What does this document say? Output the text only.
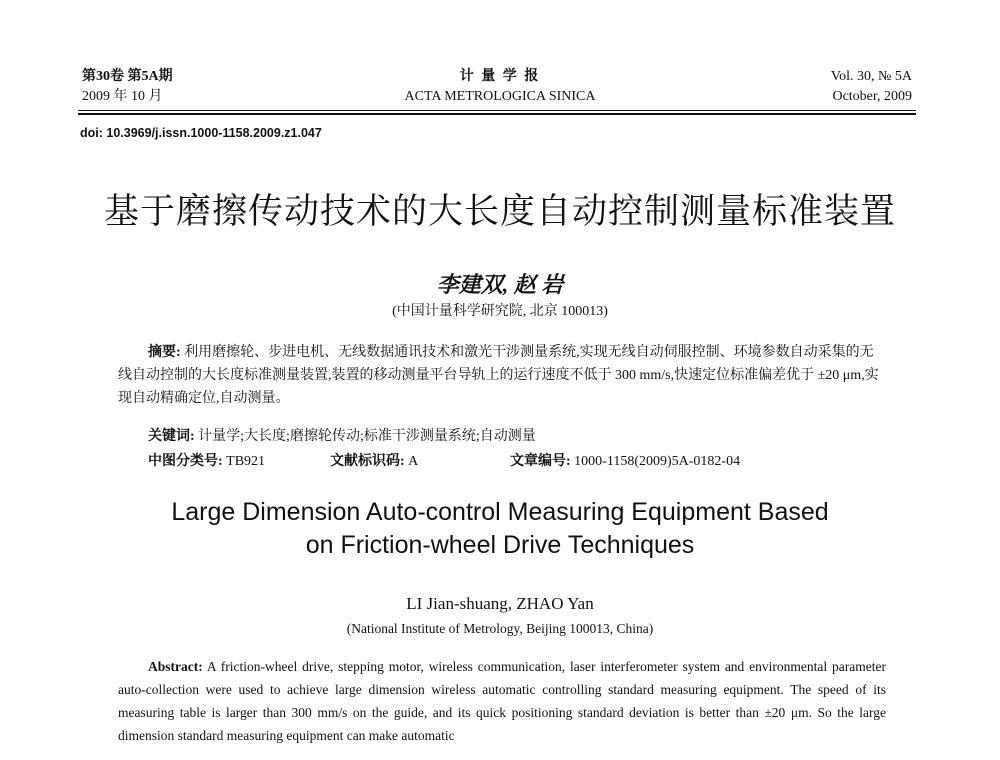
第30卷 第5A期
2009 年 10 月
计 量 学 报
ACTA METROLOGICA SINICA
Vol. 30, № 5A
October, 2009
doi: 10.3969/j.issn.1000-1158.2009.z1.047
基于磨擦传动技术的大长度自动控制测量标准装置
李建双, 赵 岩
(中国计量科学研究院, 北京 100013)

摘要: 利用磨擦轮、步进电机、无线数据通讯技术和激光干涉测量系统,实现无线自动伺服控制、环境参数自动采集的无线自动控制的大长度标准测量装置,装置的移动测量平台导轨上的运行速度不低于 300 mm/s,快速定位标准偏差优于 ±20 μm,实现自动精确定位,自动测量。

关键词: 计量学;大长度;磨擦轮传动;标准干涉测量系统;自动测量
中图分类号: TB921	文献标识码: A	文章编号: 1000-1158(2009)5A-0182-04
Large Dimension Auto-control Measuring Equipment Based on Friction-wheel Drive Techniques
LI Jian-shuang, ZHAO Yan
(National Institute of Metrology, Beijing 100013, China)
Abstract: A friction-wheel drive, stepping motor, wireless communication, laser interferometer system and environmental parameter auto-collection were used to achieve large dimension wireless automatic controlling standard measuring equipment. The speed of its measuring table is larger than 300 mm/s on the guide, and its quick positioning standard deviation is better than ±20 μm. So the large dimension standard measuring equipment can make automatic
